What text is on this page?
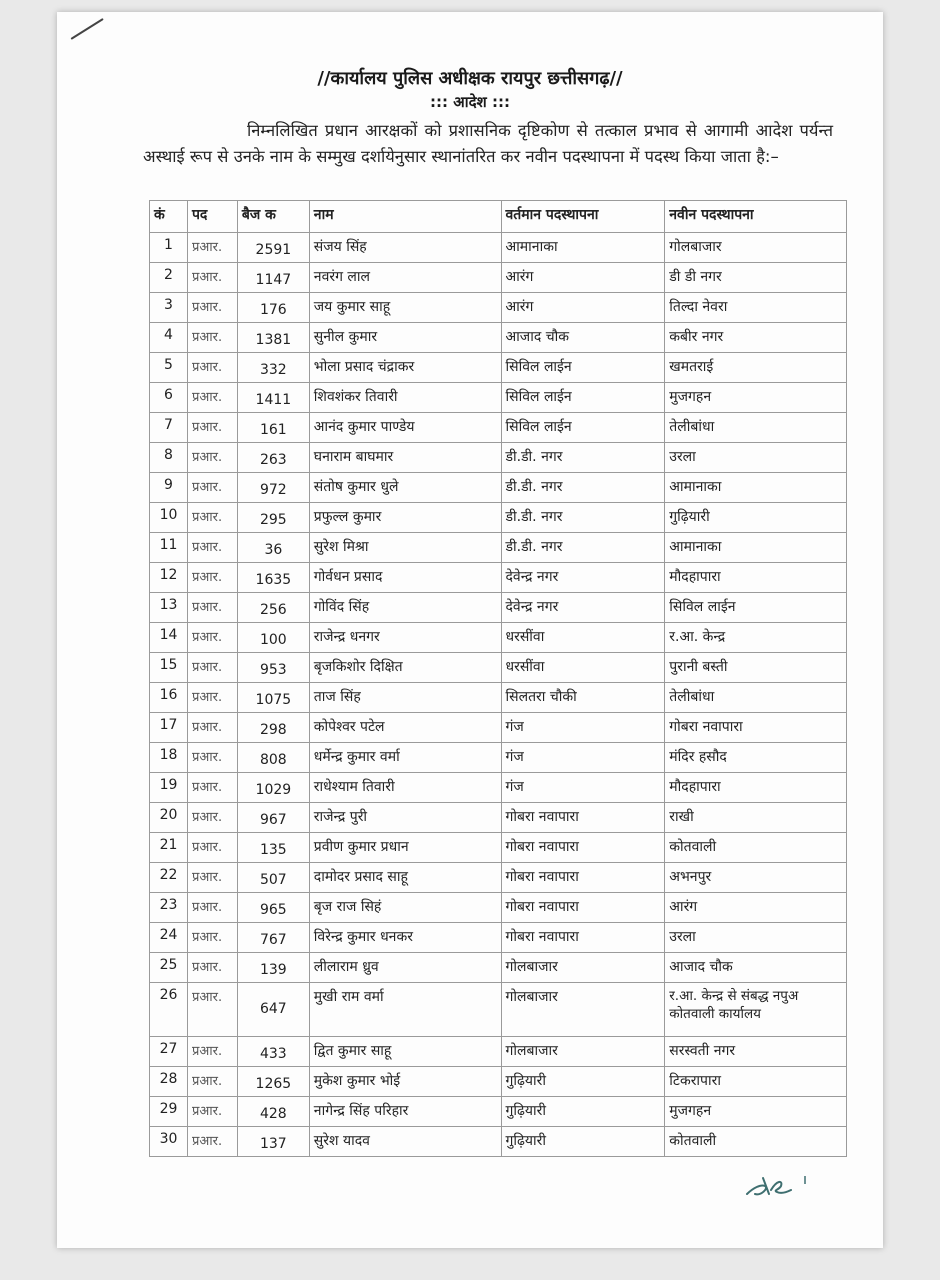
//कार्यालय पुलिस अधीक्षक रायपुर छत्तीसगढ़//
::: आदेश :::
निम्नलिखित प्रधान आरक्षकों को प्रशासनिक दृष्टिकोण से तत्काल प्रभाव से आगामी आदेश पर्यन्त अस्थाई रूप से उनके नाम के सम्मुख दर्शायेनुसार स्थानांतरित कर नवीन पदस्थापना में पदस्थ किया जाता है:–
कं	पद	बैज क	नाम	वर्तमान पदस्थापना	नवीन पदस्थापना
1	प्रआर.	2591	संजय सिंह	आमानाका	गोलबाजार
2	प्रआर.	1147	नवरंग लाल	आरंग	डी डी नगर
3	प्रआर.	176	जय कुमार साहू	आरंग	तिल्दा नेवरा
4	प्रआर.	1381	सुनील कुमार	आजाद चौक	कबीर नगर
5	प्रआर.	332	भोला प्रसाद चंद्राकर	सिविल लाईन	खमतराई
6	प्रआर.	1411	शिवशंकर तिवारी	सिविल लाईन	मुजगहन
7	प्रआर.	161	आनंद कुमार पाण्डेय	सिविल लाईन	तेलीबांधा
8	प्रआर.	263	घनाराम बाघमार	डी.डी. नगर	उरला
9	प्रआर.	972	संतोष कुमार धुले	डी.डी. नगर	आमानाका
10	प्रआर.	295	प्रफुल्ल कुमार	डी.डी. नगर	गुढ़ियारी
11	प्रआर.	36	सुरेश मिश्रा	डी.डी. नगर	आमानाका
12	प्रआर.	1635	गोर्वधन प्रसाद	देवेन्द्र नगर	मौदहापारा
13	प्रआर.	256	गोविंद सिंह	देवेन्द्र नगर	सिविल लाईन
14	प्रआर.	100	राजेन्द्र धनगर	धरसींवा	र.आ. केन्द्र
15	प्रआर.	953	बृजकिशोर दिक्षित	धरसींवा	पुरानी बस्ती
16	प्रआर.	1075	ताज सिंह	सिलतरा चौकी	तेलीबांधा
17	प्रआर.	298	कोपेश्वर पटेल	गंज	गोबरा नवापारा
18	प्रआर.	808	धर्मेन्द्र कुमार वर्मा	गंज	मंदिर हसौद
19	प्रआर.	1029	राधेश्याम तिवारी	गंज	मौदहापारा
20	प्रआर.	967	राजेन्द्र पुरी	गोबरा नवापारा	राखी
21	प्रआर.	135	प्रवीण कुमार प्रधान	गोबरा नवापारा	कोतवाली
22	प्रआर.	507	दामोदर प्रसाद साहू	गोबरा नवापारा	अभनपुर
23	प्रआर.	965	बृज राज सिहं	गोबरा नवापारा	आरंग
24	प्रआर.	767	विरेन्द्र कुमार धनकर	गोबरा नवापारा	उरला
25	प्रआर.	139	लीलाराम ध्रुव	गोलबाजार	आजाद चौक
26	प्रआर.	647	मुखी राम वर्मा	गोलबाजार	र.आ. केन्द्र से संबद्ध नपुअ कोतवाली कार्यालय
27	प्रआर.	433	द्वित कुमार साहू	गोलबाजार	सरस्वती नगर
28	प्रआर.	1265	मुकेश कुमार भोई	गुढ़ियारी	टिकरापारा
29	प्रआर.	428	नागेन्द्र सिंह परिहार	गुढ़ियारी	मुजगहन
30	प्रआर.	137	सुरेश यादव	गुढ़ियारी	कोतवाली
